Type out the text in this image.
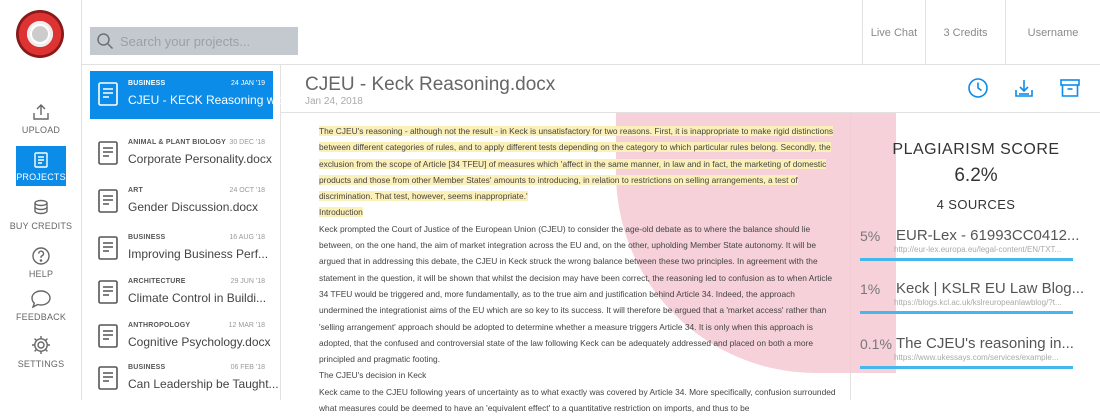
UPLOAD
PROJECTS
BUY CREDITS
HELP
FEEDBACK
SETTINGS
Search your projects...
Live Chat	3 Credits	Username
BUSINESS	24 JAN '19
CJEU - KECK Reasoning with...
ANIMAL & PLANT BIOLOGY 30 DEC '18
Corporate Personality.docx
ART	24 OCT '18
Gender Discussion.docx
BUSINESS	16 AUG '18
Improving Business Perf...
ARCHITECTURE	29 JUN '18
Climate Control in Buildi...
ANTHROPOLOGY	12 MAR '18
Cognitive Psychology.docx
BUSINESS	06 FEB '18
Can Leadership be Taught...
CJEU - Keck Reasoning.docx
Jan 24, 2018
The CJEU's reasoning - although not the result - in Keck is unsatisfactory for two reasons. First, it is inappropriate to make rigid distinctions between different categories of rules, and to apply different tests depending on the category to which particular rules belong. Secondly, the exclusion from the scope of Article [34 TFEU] of measures which 'affect in the same manner, in law and in fact, the marketing of domestic products and those from other Member States' amounts to introducing, in relation to restrictions on selling arrangements, a test of discrimination. That test, however, seems inappropriate.'
Introduction
Keck prompted the Court of Justice of the European Union (CJEU) to consider the age-old debate as to where the balance should lie between, on the one hand, the aim of market integration across the EU and, on the other, upholding Member State autonomy. It will be argued that in addressing this debate, the CJEU in Keck struck the wrong balance between these two principles. In agreement with the statement in the question, it will be shown that whilst the decision may have been correct, the reasoning led to confusion as to when Article 34 TFEU would be triggered and, more fundamentally, as to the true aim and justification behind Article 34. Indeed, the approach undermined the integrationist aims of the EU which are so key to its success. It will therefore be argued that a 'market access' rather than 'selling arrangement' approach should be adopted to determine whether a measure triggers Article 34. It is only when this approach is adopted, that the confused and controversial state of the law following Keck can be adequately addressed and placed on both a more principled and pragmatic footing.
The CJEU's decision in Keck
Keck came to the CJEU following years of uncertainty as to what exactly was covered by Article 34. More specifically, confusion surrounded what measures could be deemed to have an 'equivalent effect' to a quantitative restriction on imports, and thus to be
PLAGIARISM SCORE
6.2%
4 SOURCES
5% EUR-Lex - 61993CC0412...
http://eur-lex.europa.eu/legal-content/EN/TXT...
1% Keck | KSLR EU Law Blog...
https://blogs.kcl.ac.uk/kslreuropeanlawblog/?t...
0.1% The CJEU's reasoning in...
https://www.ukessays.com/services/example...
